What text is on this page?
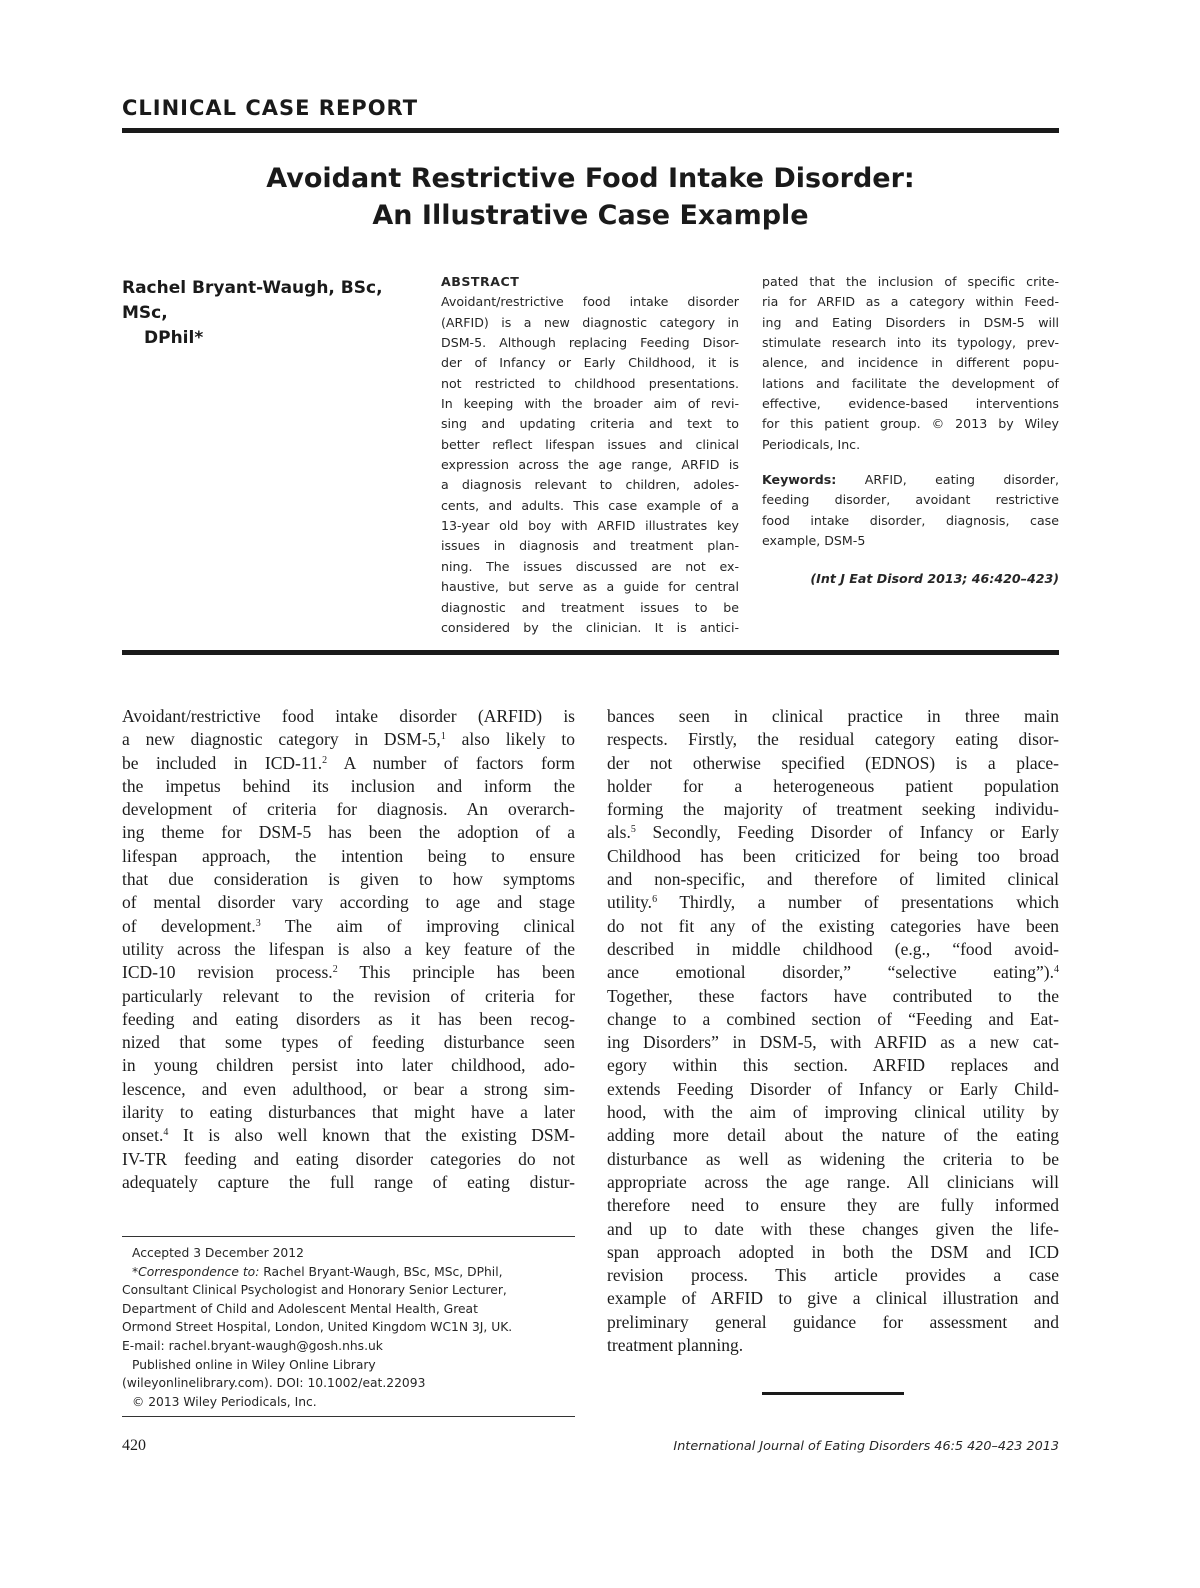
CLINICAL CASE REPORT
Avoidant Restrictive Food Intake Disorder:
An Illustrative Case Example
Rachel Bryant-Waugh, BSc, MSc,
DPhil*
ABSTRACT
Avoidant/restrictive food intake disorder
(ARFID) is a new diagnostic category in
DSM-5. Although replacing Feeding Disor-
der of Infancy or Early Childhood, it is
not restricted to childhood presentations.
In keeping with the broader aim of revi-
sing and updating criteria and text to
better reflect lifespan issues and clinical
expression across the age range, ARFID is
a diagnosis relevant to children, adoles-
cents, and adults. This case example of a
13-year old boy with ARFID illustrates key
issues in diagnosis and treatment plan-
ning. The issues discussed are not ex-
haustive, but serve as a guide for central
diagnostic and treatment issues to be
considered by the clinician. It is antici-
pated that the inclusion of specific crite-
ria for ARFID as a category within Feed-
ing and Eating Disorders in DSM-5 will
stimulate research into its typology, prev-
alence, and incidence in different popu-
lations and facilitate the development of
effective, evidence-based interventions
for this patient group. © 2013 by Wiley
Periodicals, Inc.
Keywords: ARFID, eating disorder,
feeding disorder, avoidant restrictive
food intake disorder, diagnosis, case
example, DSM-5
(Int J Eat Disord 2013; 46:420–423)
Avoidant/restrictive food intake disorder (ARFID) is
a new diagnostic category in DSM-5,$^1$ also likely to
be included in ICD-11.$^2$ A number of factors form
the impetus behind its inclusion and inform the
development of criteria for diagnosis. An overarch-
ing theme for DSM-5 has been the adoption of a
lifespan approach, the intention being to ensure
that due consideration is given to how symptoms
of mental disorder vary according to age and stage
of development.$^3$ The aim of improving clinical
utility across the lifespan is also a key feature of the
ICD-10 revision process.$^2$ This principle has been
particularly relevant to the revision of criteria for
feeding and eating disorders as it has been recog-
nized that some types of feeding disturbance seen
in young children persist into later childhood, ado-
lescence, and even adulthood, or bear a strong sim-
ilarity to eating disturbances that might have a later
onset.$^4$ It is also well known that the existing DSM-
IV-TR feeding and eating disorder categories do not
adequately capture the full range of eating distur-
Accepted 3 December 2012
*Correspondence to: Rachel Bryant-Waugh, BSc, MSc, DPhil,
Consultant Clinical Psychologist and Honorary Senior Lecturer,
Department of Child and Adolescent Mental Health, Great
Ormond Street Hospital, London, United Kingdom WC1N 3J, UK.
E-mail: rachel.bryant-waugh@gosh.nhs.uk
Published online in Wiley Online Library
(wileyonlinelibrary.com). DOI: 10.1002/eat.22093
© 2013 Wiley Periodicals, Inc.
bances seen in clinical practice in three main
respects. Firstly, the residual category eating disor-
der not otherwise specified (EDNOS) is a place-
holder for a heterogeneous patient population
forming the majority of treatment seeking individu-
als.$^5$ Secondly, Feeding Disorder of Infancy or Early
Childhood has been criticized for being too broad
and non-specific, and therefore of limited clinical
utility.$^6$ Thirdly, a number of presentations which
do not fit any of the existing categories have been
described in middle childhood (e.g., “food avoid-
ance emotional disorder,” “selective eating”).$^4$
Together, these factors have contributed to the
change to a combined section of “Feeding and Eat-
ing Disorders” in DSM-5, with ARFID as a new cat-
egory within this section. ARFID replaces and
extends Feeding Disorder of Infancy or Early Child-
hood, with the aim of improving clinical utility by
adding more detail about the nature of the eating
disturbance as well as widening the criteria to be
appropriate across the age range. All clinicians will
therefore need to ensure they are fully informed
and up to date with these changes given the life-
span approach adopted in both the DSM and ICD
revision process. This article provides a case
example of ARFID to give a clinical illustration and
preliminary general guidance for assessment and
treatment planning.
420	International Journal of Eating Disorders 46:5 420–423 2013
